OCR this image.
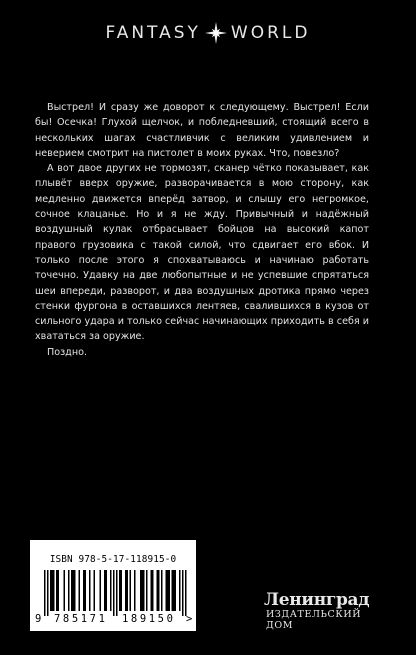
FANTASY WORLD

Выстрел! И сразу же доворот к следующему. Выстрел! Если бы! Осечка! Глухой щелчок, и побледневший, стоящий всего в нескольких шагах счастливчик с великим удивлением и неверием смотрит на пистолет в моих руках. Что, повезло?

А вот двое других не тормозят, сканер чётко показывает, как плывёт вверх оружие, разворачивается в мою сторону, как медленно движется вперёд затвор, и слышу его негромкое, сочное клацанье. Но и я не жду. Привычный и надёжный воздушный кулак отбрасывает бойцов на высокий капот правого грузовика с такой силой, что сдвигает его вбок. И только после этого я спохватываюсь и начинаю работать точечно. Удавку на две любопытные и не успевшие спрятаться шеи впереди, разворот, и два воздушных дротика прямо через стенки фургона в оставшихся лентяев, свалившихся в кузов от сильного удара и только сейчас начинающих приходить в себя и хвататься за оружие.

Поздно.

ISBN 978-5-17-118915-0
9 785171 189150 >
Ленинград
ИЗДАТЕЛЬСКИЙ ДОМ
